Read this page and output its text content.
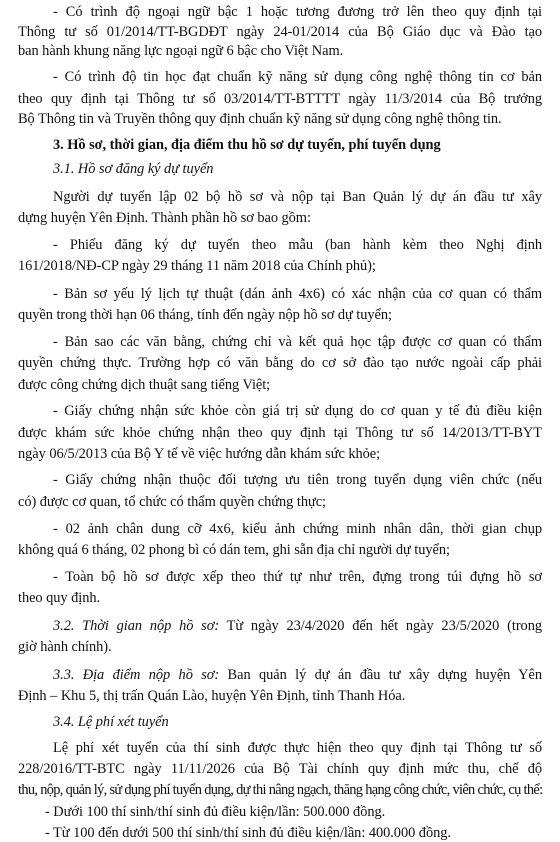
- Có trình độ ngoại ngữ bậc 1 hoặc tương đương trở lên theo quy định tại
Thông tư số 01/2014/TT-BGDĐT ngày 24-01/2014 của Bộ Giáo dục và Đào tạo
ban hành khung năng lực ngoại ngữ 6 bậc cho Việt Nam.
- Có trình độ tin học đạt chuẩn kỹ năng sử dụng công nghệ thông tin cơ bản
theo quy định tại Thông tư số 03/2014/TT-BTTTT ngày 11/3/2014 của Bộ trưởng
Bộ Thông tin và Truyền thông quy định chuẩn kỹ năng sử dụng công nghệ thông tin.
3. Hồ sơ, thời gian, địa điểm thu hồ sơ dự tuyển, phí tuyển dụng
3.1. Hồ sơ đăng ký dự tuyển
Người dự tuyển lập 02 bộ hồ sơ và nộp tại Ban Quản lý dự án đầu tư xây
dựng huyện Yên Định. Thành phần hồ sơ bao gồm:
- Phiếu đăng ký dự tuyển theo mẫu (ban hành kèm theo Nghị định
161/2018/NĐ-CP ngày 29 tháng 11 năm 2018 của Chính phủ);
- Bản sơ yếu lý lịch tự thuật (dán ảnh 4x6) có xác nhận của cơ quan có thẩm
quyền trong thời hạn 06 tháng, tính đến ngày nộp hồ sơ dự tuyển;
- Bản sao các văn bằng, chứng chỉ và kết quả học tập được cơ quan có thẩm
quyền chứng thực. Trường hợp có văn bằng do cơ sở đào tạo nước ngoài cấp phải
được công chứng dịch thuật sang tiếng Việt;
- Giấy chứng nhận sức khỏe còn giá trị sử dụng do cơ quan y tế đủ điều kiện
được khám sức khỏe chứng nhận theo quy định tại Thông tư số 14/2013/TT-BYT
ngày 06/5/2013 của Bộ Y tế về việc hướng dẫn khám sức khỏe;
- Giấy chứng nhận thuộc đối tượng ưu tiên trong tuyển dụng viên chức (nếu
có) được cơ quan, tổ chức có thẩm quyền chứng thực;
- 02 ảnh chân dung cỡ 4x6, kiểu ảnh chứng minh nhân dân, thời gian chụp
không quá 6 tháng, 02 phong bì có dán tem, ghi sẵn địa chỉ người dự tuyển;
- Toàn bộ hồ sơ được xếp theo thứ tự như trên, đựng trong túi đựng hồ sơ
theo quy định.
3.2. Thời gian nộp hồ sơ: Từ ngày 23/4/2020 đến hết ngày 23/5/2020 (trong
giờ hành chính).
3.3. Địa điểm nộp hồ sơ: Ban quản lý dự án đầu tư xây dựng huyện Yên
Định – Khu 5, thị trấn Quán Lào, huyện Yên Định, tỉnh Thanh Hóa.
3.4. Lệ phí xét tuyển
Lệ phí xét tuyển của thí sinh được thực hiện theo quy định tại Thông tư số
228/2016/TT-BTC ngày 11/11/2026 của Bộ Tài chính quy định mức thu, chế độ
thu, nộp, quản lý, sử dụng phí tuyển dụng, dự thi nâng ngạch, thăng hạng công chức, viên chức, cụ thể:
- Dưới 100 thí sinh/thí sinh đủ điều kiện/lần: 500.000 đồng.
- Từ 100 đến dưới 500 thí sinh/thí sinh đủ điều kiện/lần: 400.000 đồng.
